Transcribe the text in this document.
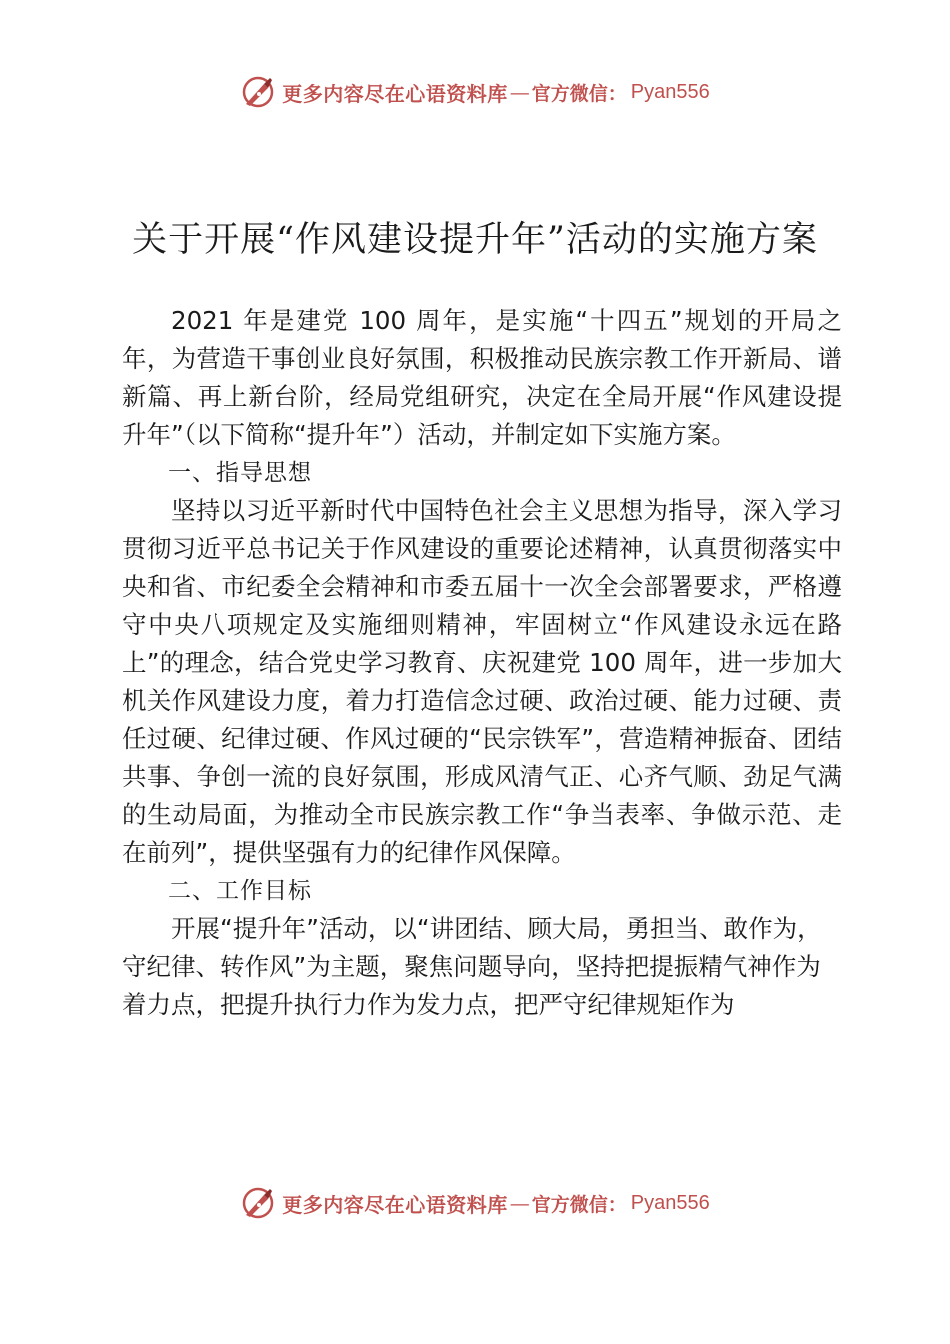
更多内容尽在心语资料库 — 官方微信： Pyan556
关于开展“作风建设提升年”活动的实施方案

2021 年是建党 100 周年，是实施“十四五”规划的开局之年，为营造干事创业良好氛围，积极推动民族宗教工作开新局、谱新篇、再上新台阶，经局党组研究，决定在全局开展“作风建设提升年”（以下简称“提升年”）活动，并制定如下实施方案。

一、指导思想

坚持以习近平新时代中国特色社会主义思想为指导，深入学习贯彻习近平总书记关于作风建设的重要论述精神，认真贯彻落实中央和省、市纪委全会精神和市委五届十一次全会部署要求，严格遵守中央八项规定及实施细则精神，牢固树立“作风建设永远在路上”的理念，结合党史学习教育、庆祝建党 100 周年，进一步加大机关作风建设力度，着力打造信念过硬、政治过硬、能力过硬、责任过硬、纪律过硬、作风过硬的“民宗铁军”，营造精神振奋、团结共事、争创一流的良好氛围，形成风清气正、心齐气顺、劲足气满的生动局面，为推动全市民族宗教工作“争当表率、争做示范、走在前列”，提供坚强有力的纪律作风保障。

二、工作目标

开展“提升年”活动，以“讲团结、顾大局，勇担当、敢作为，守纪律、转作风”为主题，聚焦问题导向，坚持把提振精气神作为着力点，把提升执行力作为发力点，把严守纪律规矩作为

更多内容尽在心语资料库 — 官方微信： Pyan556
